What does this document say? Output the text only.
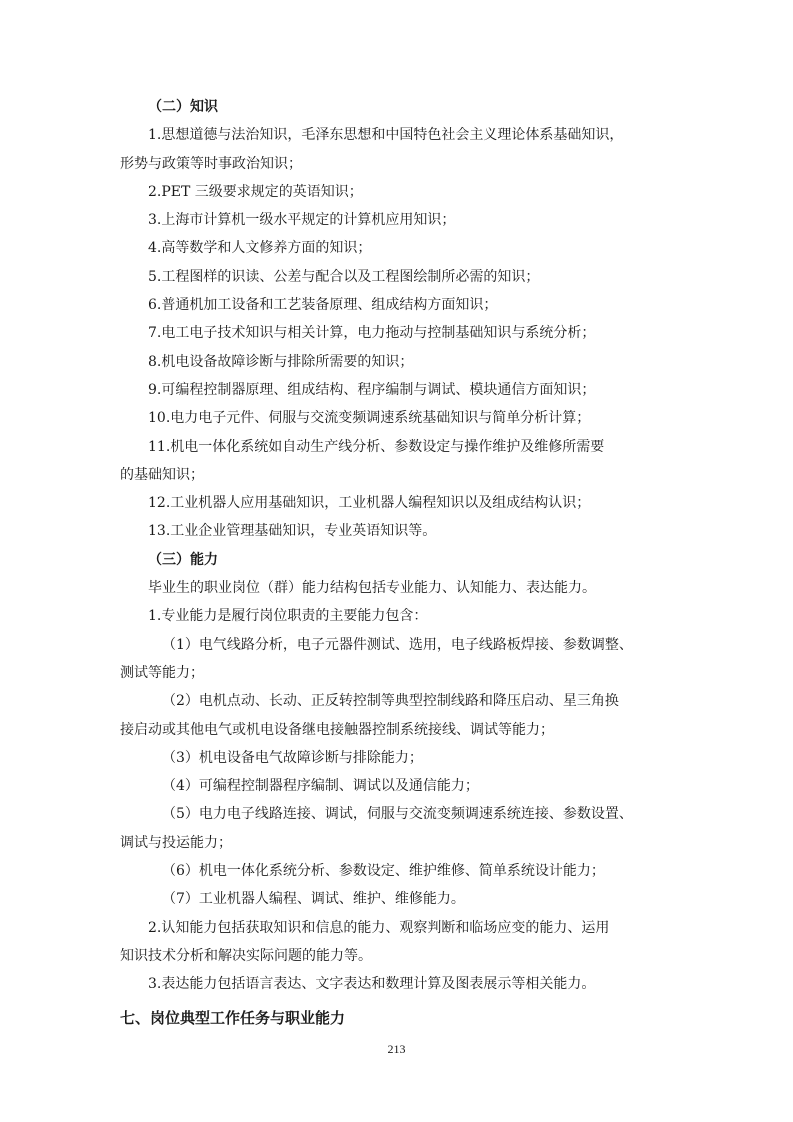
（二）知识
1.思想道德与法治知识，毛泽东思想和中国特色社会主义理论体系基础知识，
形势与政策等时事政治知识；
2.PET 三级要求规定的英语知识；
3.上海市计算机一级水平规定的计算机应用知识；
4.高等数学和人文修养方面的知识；
5.工程图样的识读、公差与配合以及工程图绘制所必需的知识；
6.普通机加工设备和工艺装备原理、组成结构方面知识；
7.电工电子技术知识与相关计算，电力拖动与控制基础知识与系统分析；
8.机电设备故障诊断与排除所需要的知识；
9.可编程控制器原理、组成结构、程序编制与调试、模块通信方面知识；
10.电力电子元件、伺服与交流变频调速系统基础知识与简单分析计算；
11.机电一体化系统如自动生产线分析、参数设定与操作维护及维修所需要
的基础知识；
12.工业机器人应用基础知识，工业机器人编程知识以及组成结构认识；
13.工业企业管理基础知识，专业英语知识等。
（三）能力
毕业生的职业岗位（群）能力结构包括专业能力、认知能力、表达能力。
1.专业能力是履行岗位职责的主要能力包含：
（1）电气线路分析，电子元器件测试、选用，电子线路板焊接、参数调整、
测试等能力；
（2）电机点动、长动、正反转控制等典型控制线路和降压启动、星三角换
接启动或其他电气或机电设备继电接触器控制系统接线、调试等能力；
（3）机电设备电气故障诊断与排除能力；
（4）可编程控制器程序编制、调试以及通信能力；
（5）电力电子线路连接、调试，伺服与交流变频调速系统连接、参数设置、
调试与投运能力；
（6）机电一体化系统分析、参数设定、维护维修、简单系统设计能力；
（7）工业机器人编程、调试、维护、维修能力。
2.认知能力包括获取知识和信息的能力、观察判断和临场应变的能力、运用
知识技术分析和解决实际问题的能力等。
3.表达能力包括语言表达、文字表达和数理计算及图表展示等相关能力。
七、岗位典型工作任务与职业能力
213
